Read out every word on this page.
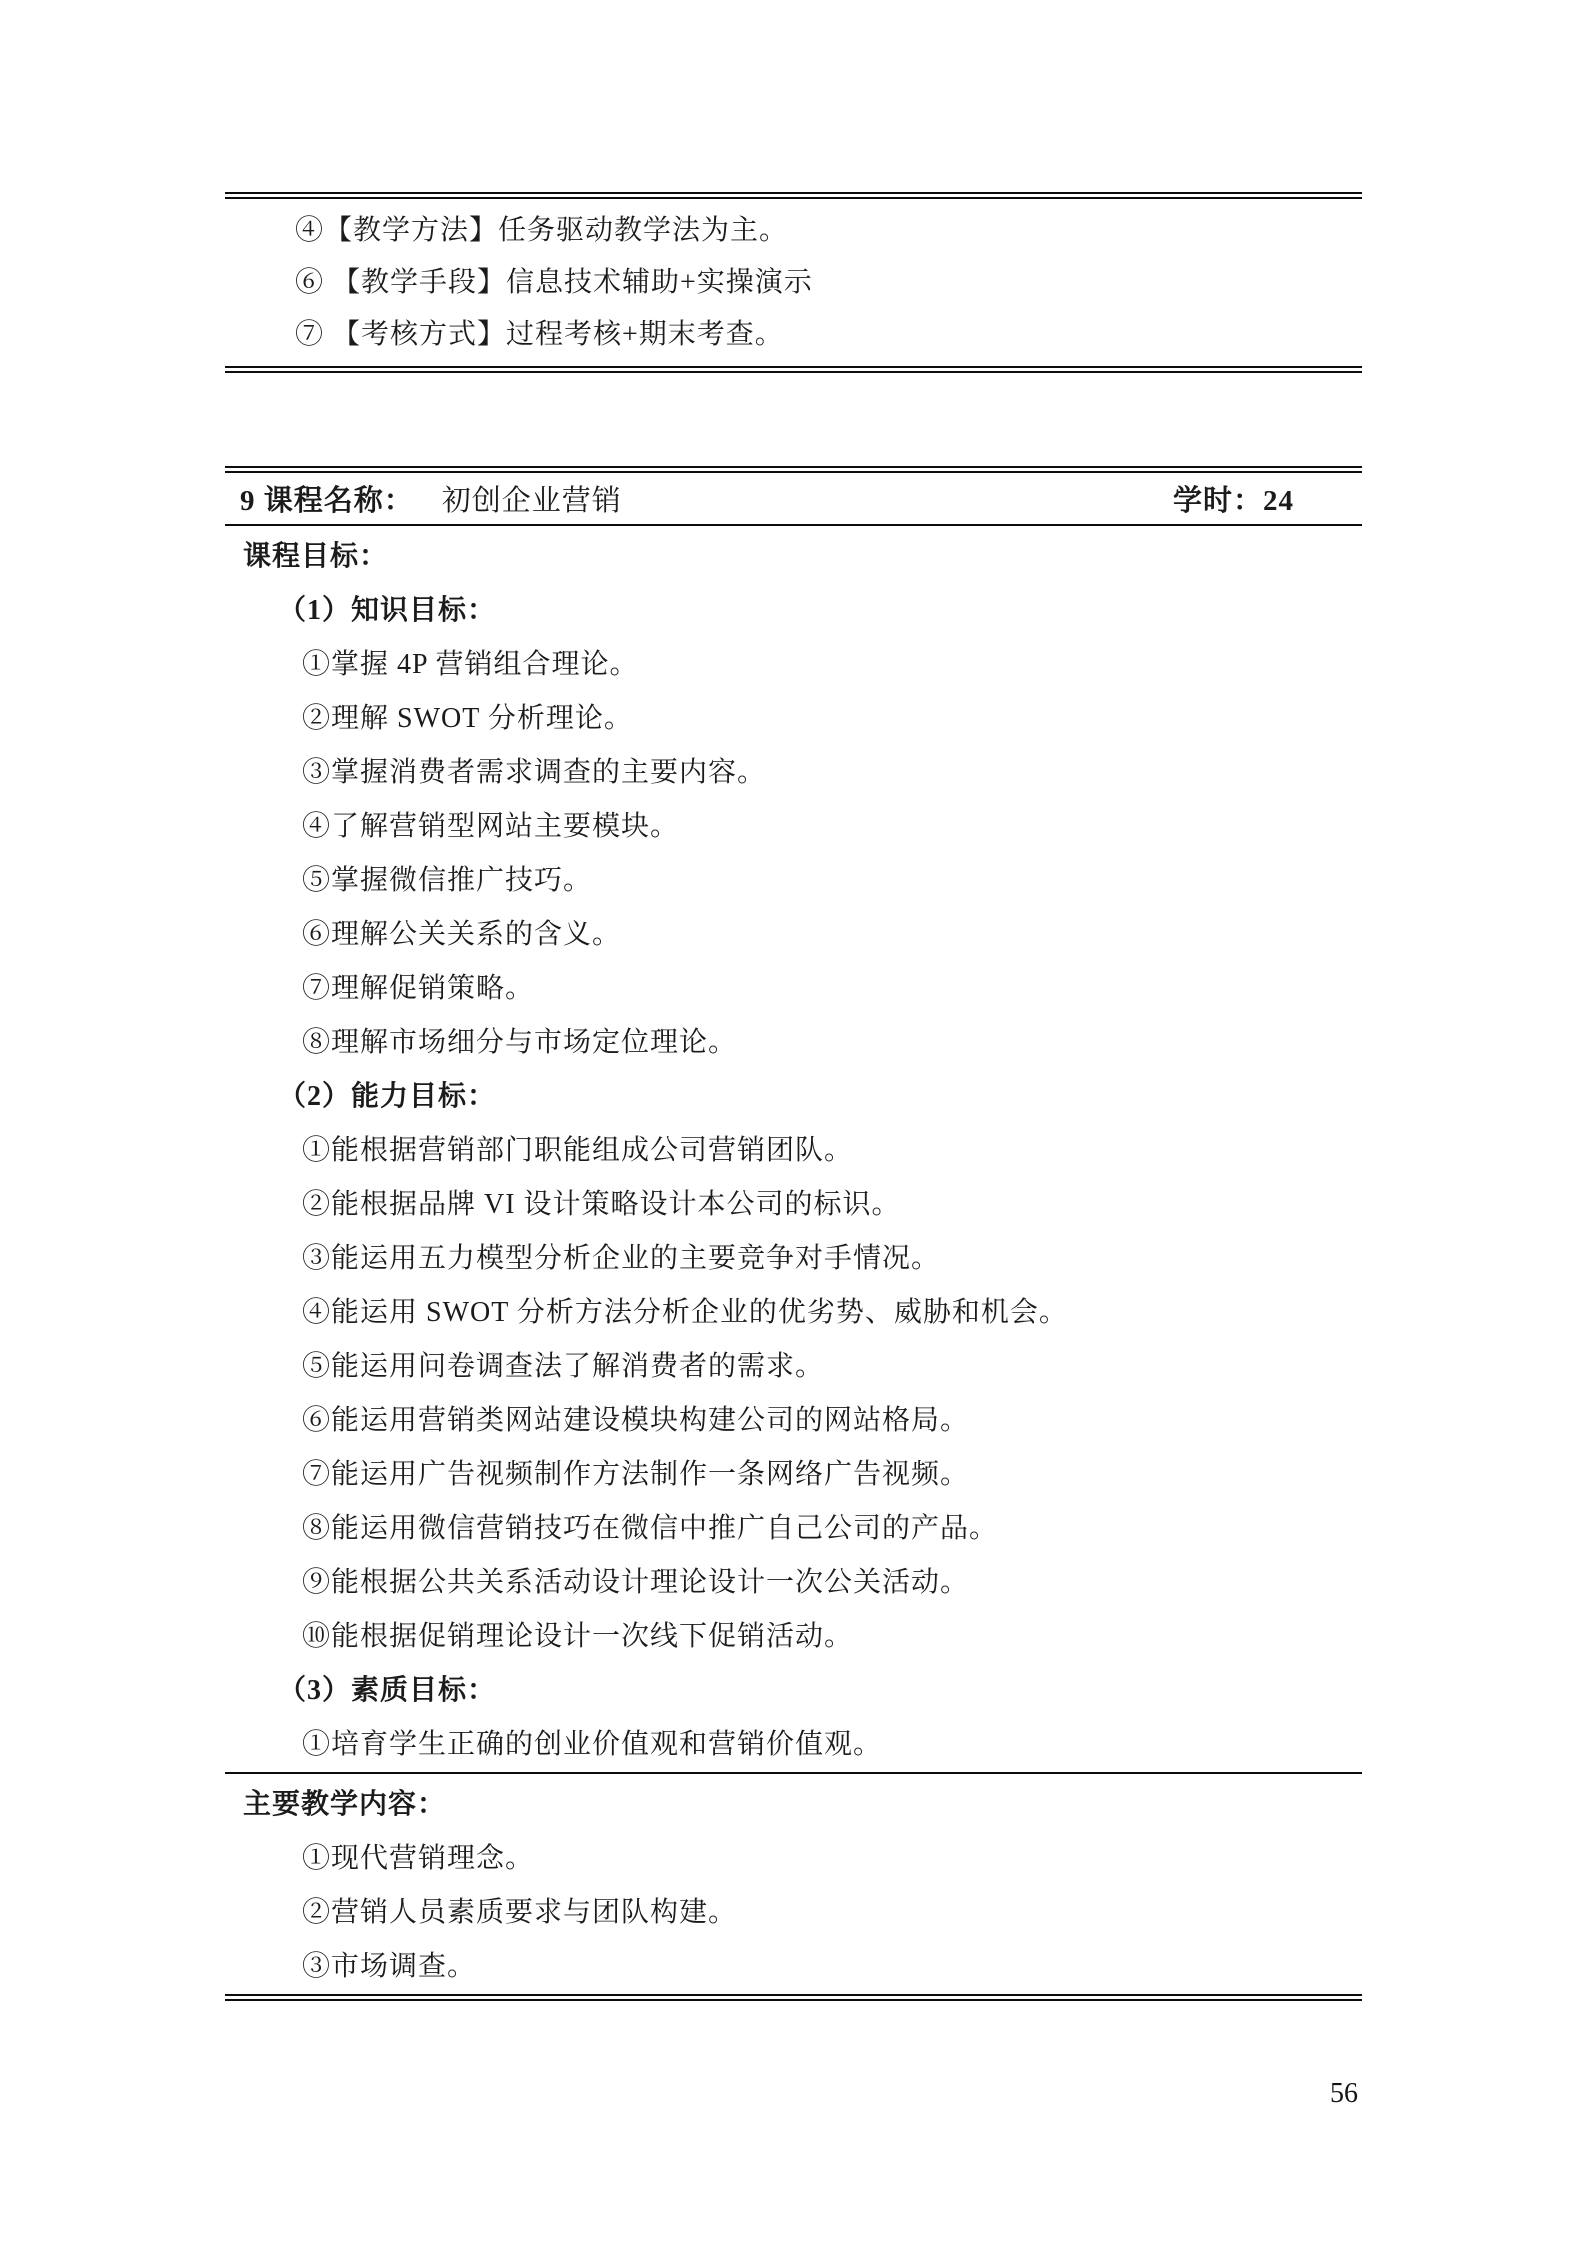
④【教学方法】任务驱动教学法为主。

⑥ 【教学手段】信息技术辅助+实操演示

⑦ 【考核方式】过程考核+期末考查。

9 课程名称： 初创企业营销	学时：24

课程目标：

（1）知识目标：

①掌握 4P 营销组合理论。

②理解 SWOT 分析理论。

③掌握消费者需求调查的主要内容。

④了解营销型网站主要模块。

⑤掌握微信推广技巧。

⑥理解公关关系的含义。

⑦理解促销策略。

⑧理解市场细分与市场定位理论。

（2）能力目标：

①能根据营销部门职能组成公司营销团队。

②能根据品牌 VI 设计策略设计本公司的标识。

③能运用五力模型分析企业的主要竞争对手情况。

④能运用 SWOT 分析方法分析企业的优劣势、威胁和机会。

⑤能运用问卷调查法了解消费者的需求。

⑥能运用营销类网站建设模块构建公司的网站格局。

⑦能运用广告视频制作方法制作一条网络广告视频。

⑧能运用微信营销技巧在微信中推广自己公司的产品。

⑨能根据公共关系活动设计理论设计一次公关活动。

⑩能根据促销理论设计一次线下促销活动。

（3）素质目标：

①培育学生正确的创业价值观和营销价值观。

主要教学内容：

①现代营销理念。

②营销人员素质要求与团队构建。

③市场调查。

56
